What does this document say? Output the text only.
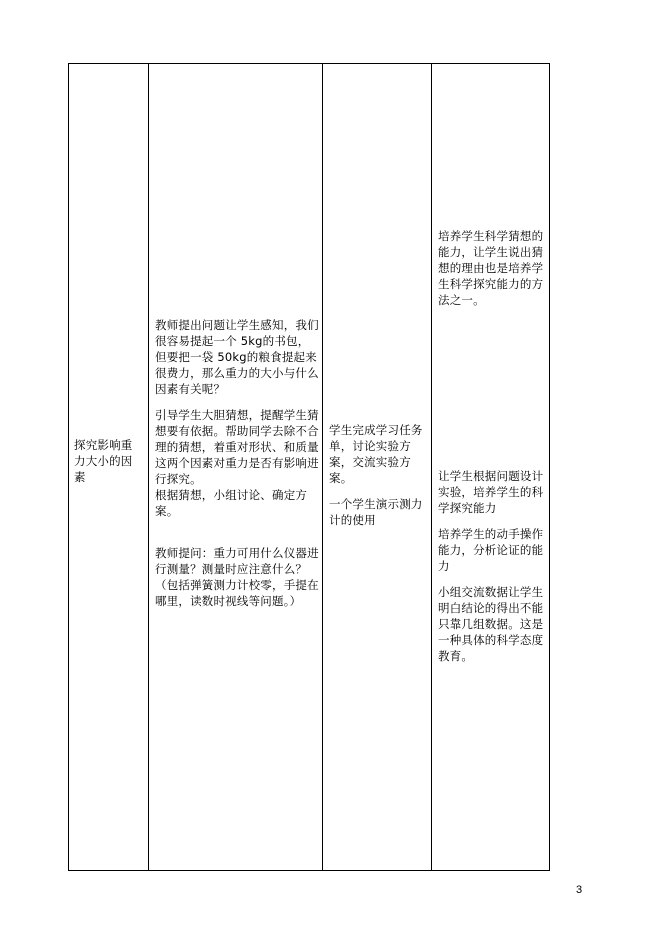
探究影响重力大小的因素

教师提出问题让学生感知，我们很容易提起一个 5kg的书包，但要把一袋 50kg的粮食提起来很费力，那么重力的大小与什么因素有关呢？

引导学生大胆猜想，提醒学生猜想要有依据。帮助同学去除不合理的猜想，着重对形状、和质量这两个因素对重力是否有影响进行探究。

根据猜想，小组讨论、确定方案。

教师提问：重力可用什么仪器进行测量？测量时应注意什么？

（包括弹簧测力计校零，手提在哪里，读数时视线等问题。）

学生完成学习任务单，讨论实验方案，交流实验方案。

一个学生演示测力计的使用

培养学生科学猜想的能力，让学生说出猜想的理由也是培养学生科学探究能力的方法之一。

让学生根据问题设计实验，培养学生的科学探究能力

培养学生的动手操作能力，分析论证的能力

小组交流数据让学生明白结论的得出不能只靠几组数据。这是一种具体的科学态度教育。

3
